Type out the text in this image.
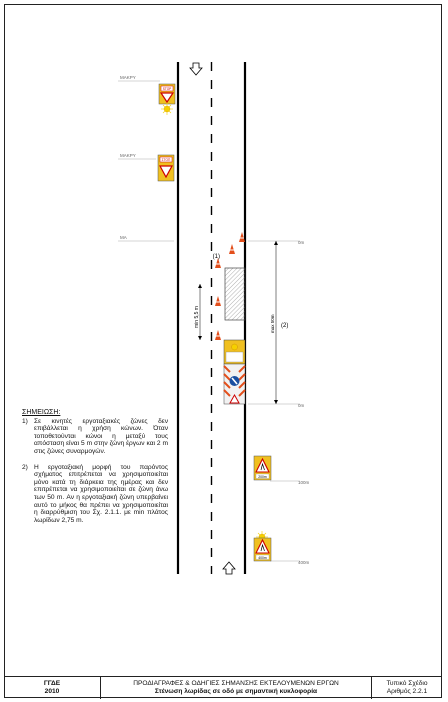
ΜΑΚΡΥ
ΜΑΚΡΥ
ΜΑ
STOP
ΣΤΟΠ
(1)
min 5,5 m	max 50m (2)
0m
0m
100m
400m
200m
400m
ΣΗΜΕΙΩΣΗ:
1) Σε κινητές εργοταξιακές ζώνες δεν επιβάλλεται η χρήση κώνων. Όταν τοποθετούνται κώνοι η μεταξύ τους απόσταση είναι 5 m στην ζώνη έργων και 2 m στις ζώνες συναρμογών.
2) Η εργοταξιακή μορφή του παρόντος σχήματος επιτρέπεται να χρησιμοποιείται μόνο κατά τη διάρκεια της ημέρας και δεν επιτρέπεται να χρησιμοποιείται σε ζώνη άνω των 50 m. Αν η εργοταξιακή ζώνη υπερβαίνει αυτό το μήκος θα πρέπει να χρησιμοποιείται η διαρρύθμιση του Σχ. 2.1.1. με min πλάτος λωρίδων 2,75 m.
ΓΓΔΕ
2010
ΠΡΟΔΙΑΓΡΑΦΕΣ & ΟΔΗΓΙΕΣ ΣΗΜΑΝΣΗΣ ΕΚΤΕΛΟΥΜΕΝΩΝ ΕΡΓΩΝ
Στένωση λωρίδας σε οδό με σημαντική κυκλοφορία
Τυπικό Σχέδιο
Αριθμός 2.2.1
